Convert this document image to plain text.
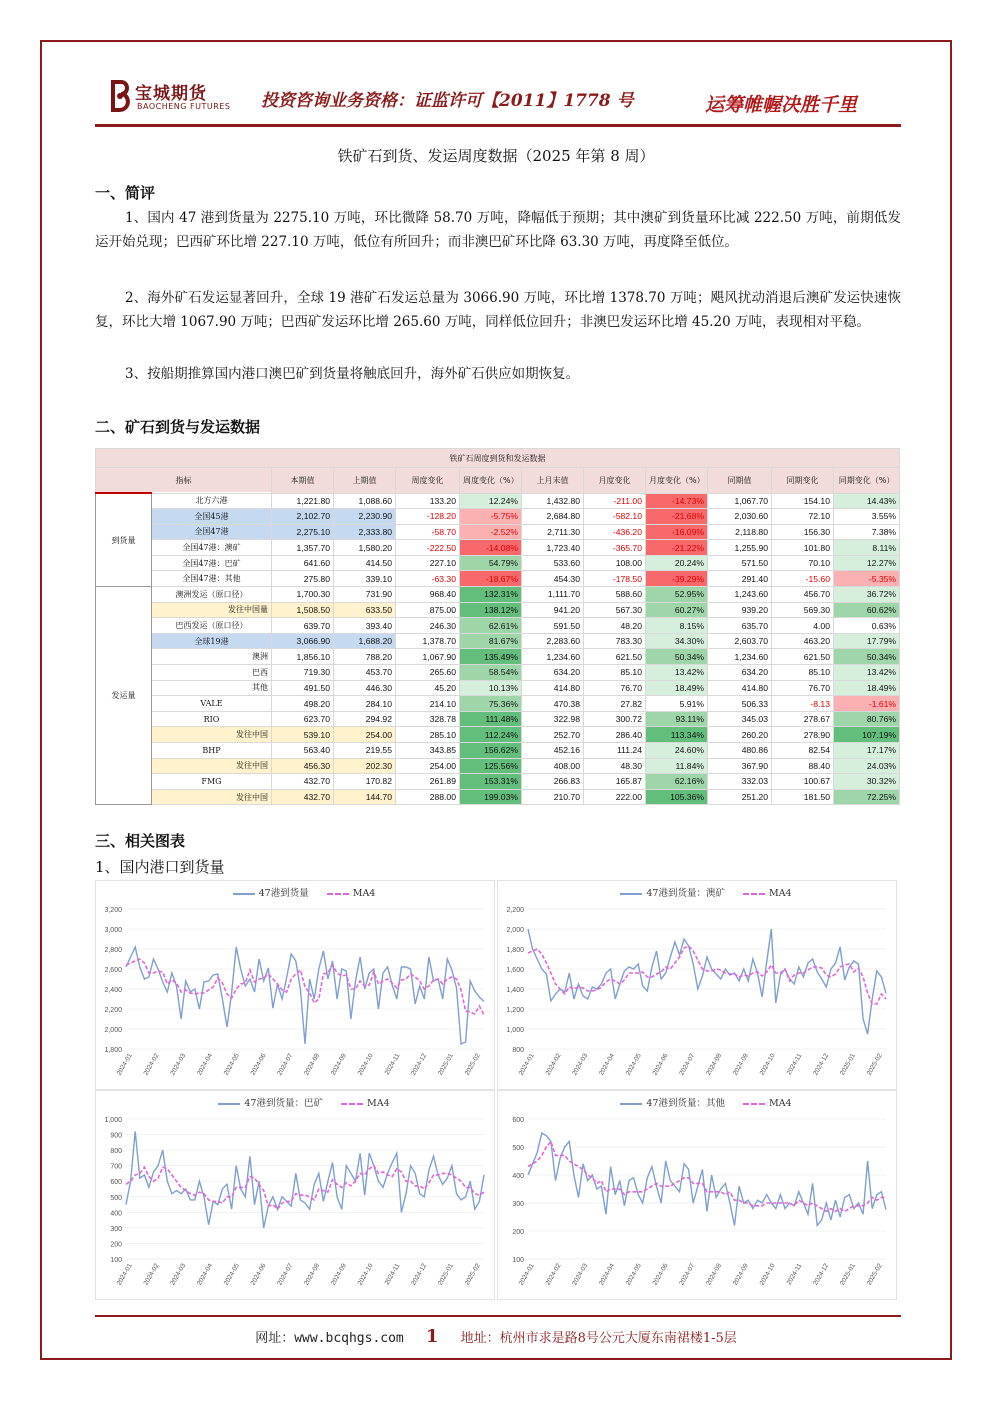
宝城期货
BAOCHENG FUTURES 投资咨询业务资格：证监许可【2011】1778 号	运筹帷幄决胜千里
铁矿石到货、发运周度数据（2025 年第 8 周）
一、简评
1、国内 47 港到货量为 2275.10 万吨，环比微降 58.70 万吨，降幅低于预期；其中澳矿到货量环比减 222.50 万吨，前期低发运开始兑现；巴西矿环比增 227.10 万吨，低位有所回升；而非澳巴矿环比降 63.30 万吨，再度降至低位。
2、海外矿石发运显著回升，全球 19 港矿石发运总量为 3066.90 万吨，环比增 1378.70 万吨；飓风扰动消退后澳矿发运快速恢复，环比大增 1067.90 万吨；巴西矿发运环比增 265.60 万吨，同样低位回升；非澳巴发运环比增 45.20 万吨，表现相对平稳。
3、按船期推算国内港口澳巴矿到货量将触底回升，海外矿石供应如期恢复。
二、矿石到货与发运数据
铁矿石周度到货和发运数据											
指标		本期值	上期值	周度变化	周度变化（%）	上月末值	月度变化	月度变化（%）	同期值	同期变化	同期变化（%）
到货量	北方六港	1,221.80	1,088.60	133.20	12.24%	1,432.80	-211.00	-14.73%	1,067.70	154.10	14.43%
	全国45港	2,102.70	2,230.90	-128.20	-5.75%	2,684.80	-582.10	-21.68%	2,030.60	72.10	3.55%
	全国47港	2,275.10	2,333.80	-58.70	-2.52%	2,711.30	-436.20	-16.09%	2,118.80	156.30	7.38%
	全国47港：澳矿	1,357.70	1,580.20	-222.50	-14.08%	1,723.40	-365.70	-21.22%	1,255.90	101.80	8.11%
	全国47港：巴矿	641.60	414.50	227.10	54.79%	533.60	108.00	20.24%	571.50	70.10	12.27%
	全国47港：其他	275.80	339.10	-63.30	-18.67%	454.30	-178.50	-39.29%	291.40	-15.60	-5.35%
发运量	澳洲发运（原口径）	1,700.30	731.90	968.40	132.31%	1,111.70	588.60	52.95%	1,243.60	456.70	36.72%
	发往中国量	1,508.50	633.50	875.00	138.12%	941.20	567.30	60.27%	939.20	569.30	60.62%
	巴西发运（原口径）	639.70	393.40	246.30	62.61%	591.50	48.20	8.15%	635.70	4.00	0.63%
	全球19港	3,066.90	1,688.20	1,378.70	81.67%	2,283.60	783.30	34.30%	2,603.70	463.20	17.79%
	澳洲	1,856.10	788.20	1,067.90	135.49%	1,234.60	621.50	50.34%	1,234.60	621.50	50.34%
	巴西	719.30	453.70	265.60	58.54%	634.20	85.10	13.42%	634.20	85.10	13.42%
	其他	491.50	446.30	45.20	10.13%	414.80	76.70	18.49%	414.80	76.70	18.49%
	VALE	498.20	284.10	214.10	75.36%	470.38	27.82	5.91%	506.33	-8.13	-1.61%
	RIO	623.70	294.92	328.78	111.48%	322.98	300.72	93.11%	345.03	278.67	80.76%
	发往中国	539.10	254.00	285.10	112.24%	252.70	286.40	113.34%	260.20	278.90	107.19%
	BHP	563.40	219.55	343.85	156.62%	452.16	111.24	24.60%	480.86	82.54	17.17%
	发往中国	456.30	202.30	254.00	125.56%	408.00	48.30	11.84%	367.90	88.40	24.03%
	FMG	432.70	170.82	261.89	153.31%	266.83	165.87	62.16%	332.03	100.67	30.32%
	发往中国	432.70	144.70	288.00	199.03%	210.70	222.00	105.36%	251.20	181.50	72.25%
三、相关图表
1、国内港口到货量
1,800
2,000
2,200
2,400
2,600
2,800
3,000
3,200
2024-01 2024-02 2024-03 2024-04 2024-05 2024-06 2024-07 2024-08 2024-09 2024-10 2024-11 2024-12 2025-01 2025-02
47港到货量	MA4
800
1,000
1,200
1,400
1,600
1,800
2,000
2,200
2024-01 2024-02 2024-03 2024-04 2024-05 2024-06 2024-07 2024-08 2024-09 2024-10 2024-11 2024-12 2025-01 2025-02
47港到货量：澳矿	MA4
100
200
300
400
500
600
700
800
900
1,000
2024-01 2024-02 2024-03 2024-04 2024-05 2024-06 2024-07 2024-08 2024-09 2024-10 2024-11 2024-12 2025-01 2025-02
47港到货量：巴矿	MA4
100
200
300
400
500
600
2024-01 2024-02 2024-03 2024-04 2024-05 2024-06 2024-07 2024-08 2024-09 2024-10 2024-11 2024-12 2025-01 2025-02
47港到货量：其他	MA4
网址：www.bcqhgs.com 1 地址：杭州市求是路8号公元大厦东南裙楼1-5层
